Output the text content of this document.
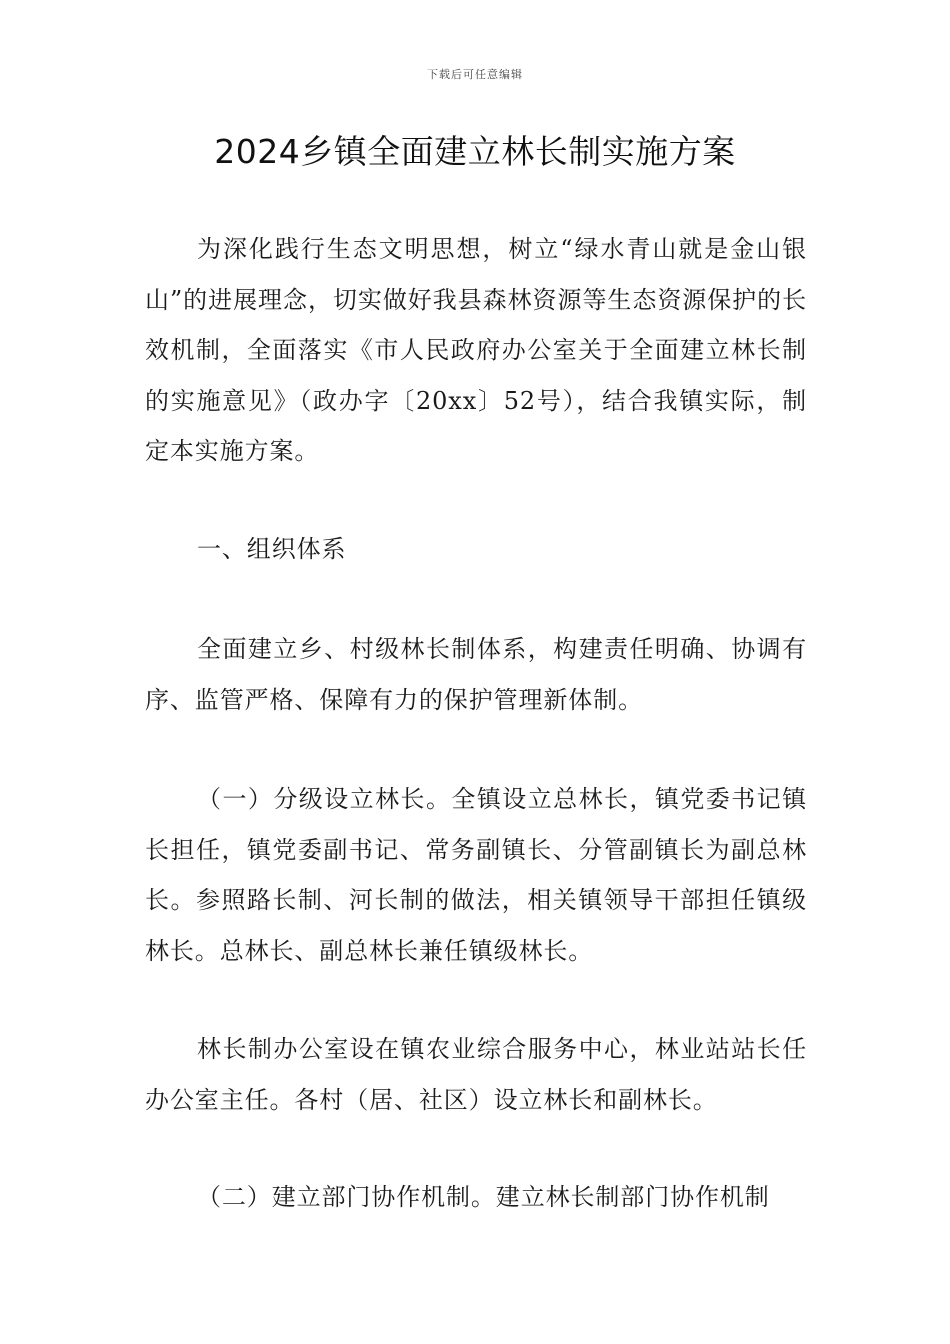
下载后可任意编辑
2024乡镇全面建立林长制实施方案

为深化践行生态文明思想，树立“绿水青山就是金山银山”的进展理念，切实做好我县森林资源等生态资源保护的长效机制，全面落实《市人民政府办公室关于全面建立林长制的实施意见》（政办字〔20xx〕52号），结合我镇实际，制定本实施方案。

一、组织体系

全面建立乡、村级林长制体系，构建责任明确、协调有序、监管严格、保障有力的保护管理新体制。

（一）分级设立林长。全镇设立总林长，镇党委书记镇长担任，镇党委副书记、常务副镇长、分管副镇长为副总林长。参照路长制、河长制的做法，相关镇领导干部担任镇级林长。总林长、副总林长兼任镇级林长。

林长制办公室设在镇农业综合服务中心，林业站站长任办公室主任。各村（居、社区）设立林长和副林长。

（二）建立部门协作机制。建立林长制部门协作机制
